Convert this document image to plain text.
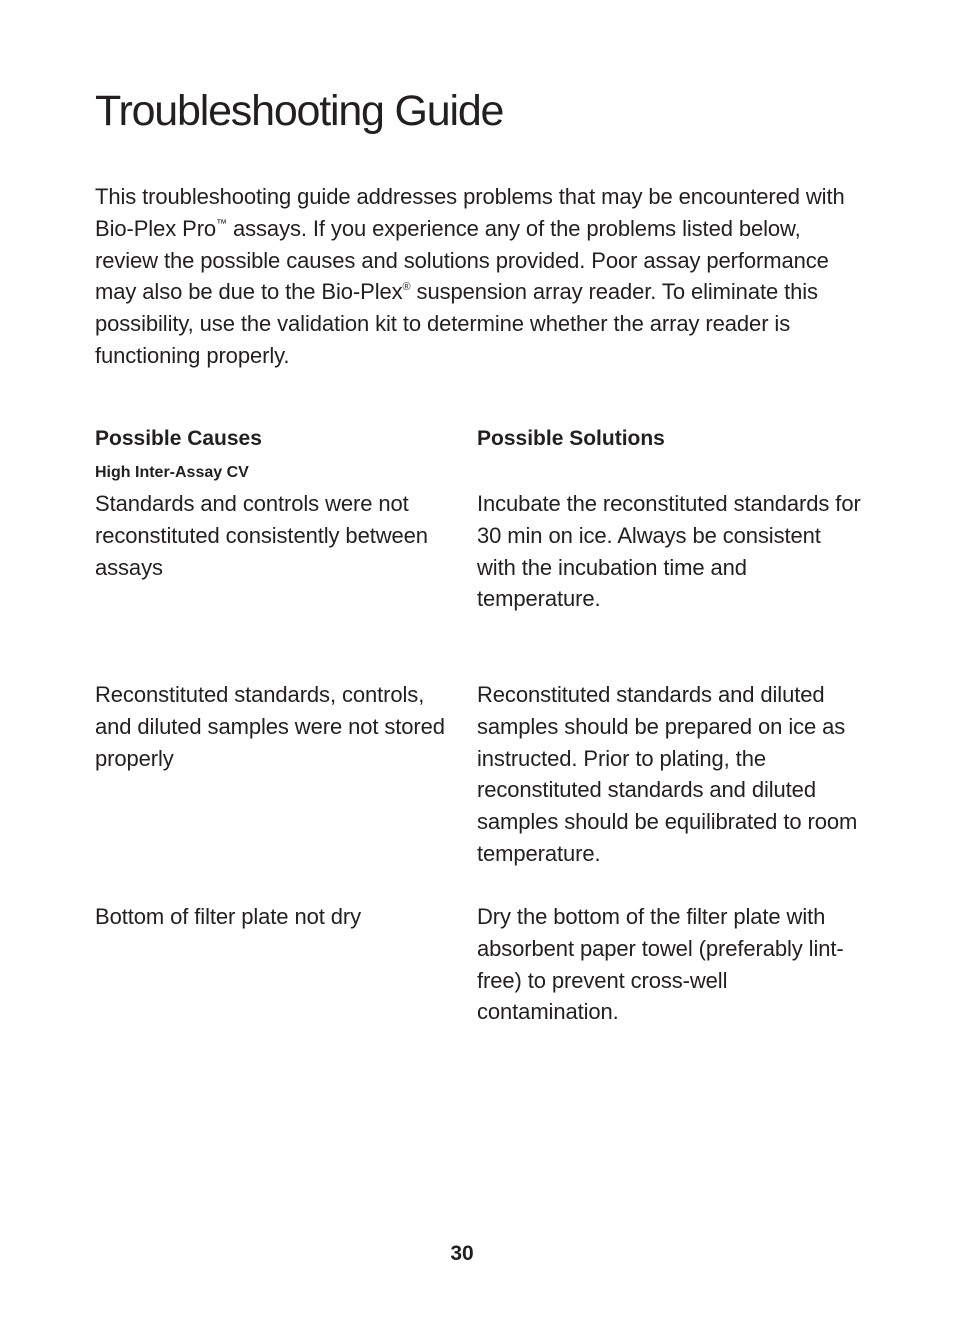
Troubleshooting Guide

This troubleshooting guide addresses problems that may be encountered with Bio-Plex Pro™ assays. If you experience any of the problems listed below, review the possible causes and solutions provided. Poor assay performance may also be due to the Bio-Plex® suspension array reader. To eliminate this possibility, use the validation kit to determine whether the array reader is functioning properly.

Possible Causes	Possible Solutions
High Inter-Assay CV

Standards and controls were not reconstituted consistently between assays

Incubate the reconstituted standards for 30 min on ice. Always be consistent with the incubation time and temperature.

Reconstituted standards, controls, and diluted samples were not stored properly

Reconstituted standards and diluted samples should be prepared on ice as instructed. Prior to plating, the reconstituted standards and diluted samples should be equilibrated to room temperature.

Bottom of filter plate not dry	Dry the bottom of the filter plate with absorbent paper towel (preferably lint-free) to prevent cross-well contamination.

30
